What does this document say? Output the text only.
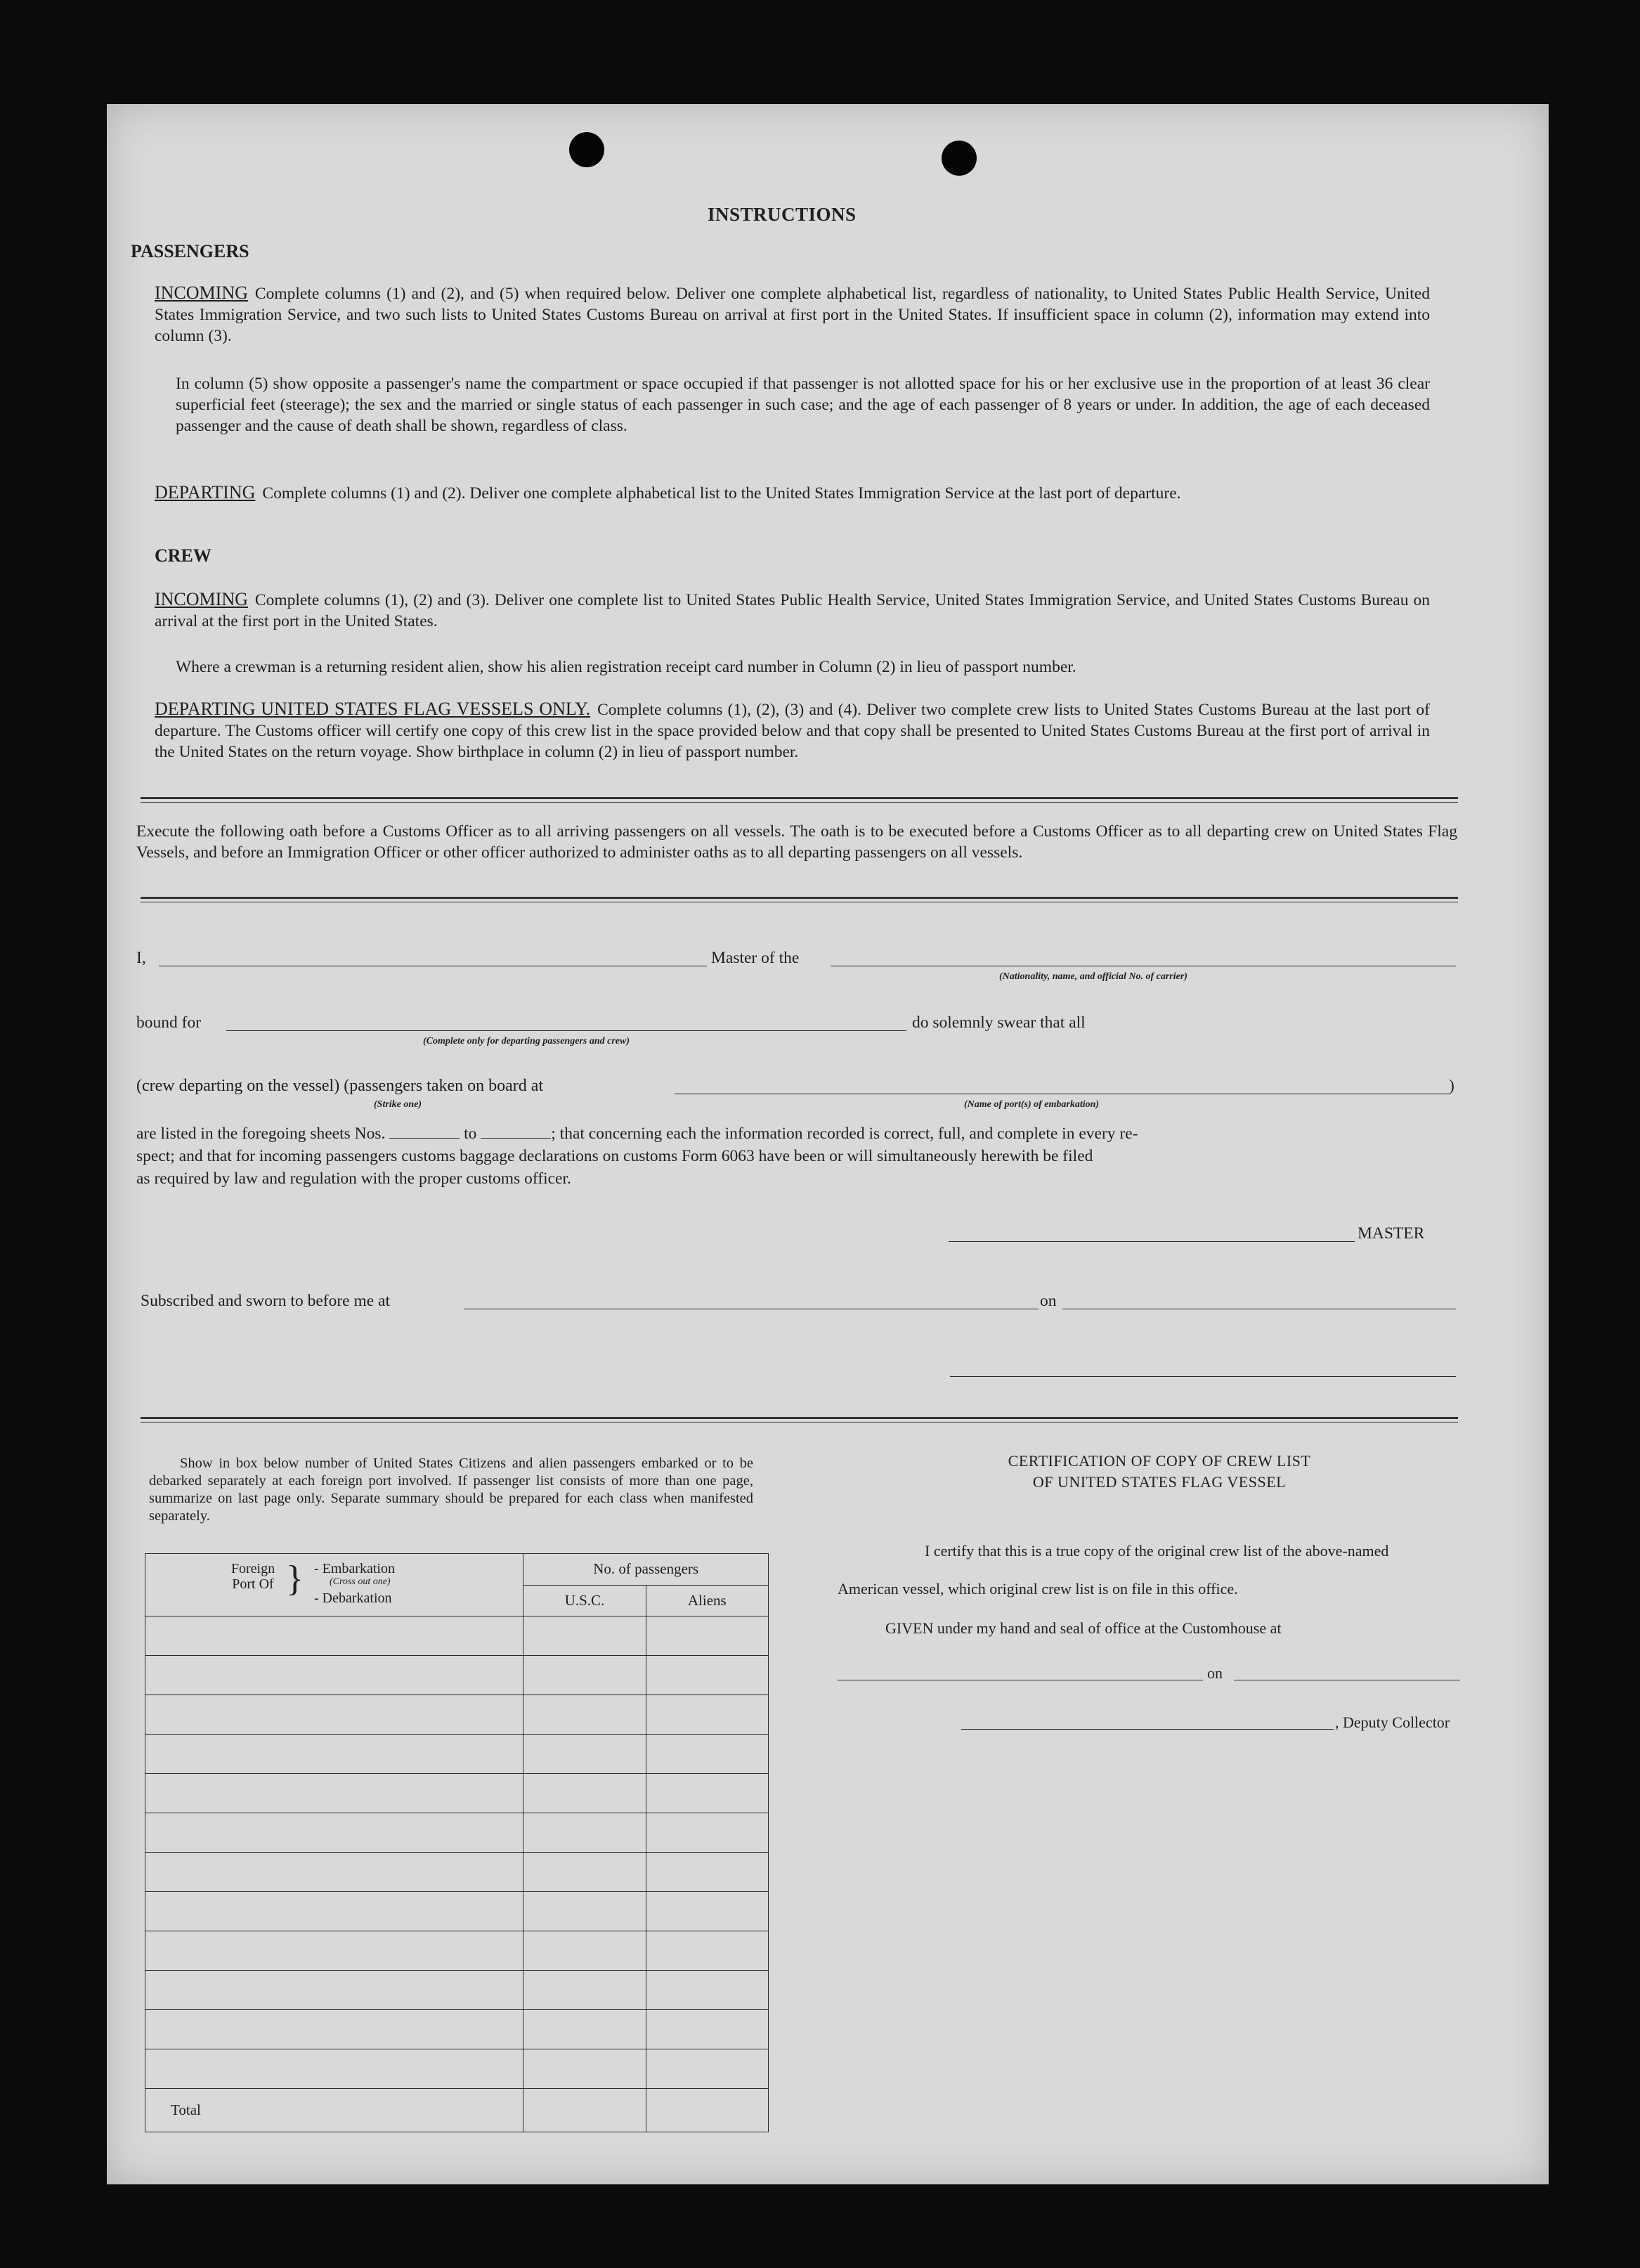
INSTRUCTIONS
PASSENGERS
INCOMING Complete columns (1) and (2), and (5) when required below. Deliver one complete alphabetical list, regardless of nationality, to United States Public Health Service, United States Immigration Service, and two such lists to United States Customs Bureau on arrival at first port in the United States. If insufficient space in column (2), information may extend into column (3).
In column (5) show opposite a passenger's name the compartment or space occupied if that passenger is not allotted space for his or her exclusive use in the proportion of at least 36 clear superficial feet (steerage); the sex and the married or single status of each passenger in such case; and the age of each passenger of 8 years or under. In addition, the age of each deceased passenger and the cause of death shall be shown, regardless of class.
DEPARTING Complete columns (1) and (2). Deliver one complete alphabetical list to the United States Immigration Service at the last port of departure.
CREW
INCOMING Complete columns (1), (2) and (3). Deliver one complete list to United States Public Health Service, United States Immigration Service, and United States Customs Bureau on arrival at the first port in the United States.
Where a crewman is a returning resident alien, show his alien registration receipt card number in Column (2) in lieu of passport number.
DEPARTING UNITED STATES FLAG VESSELS ONLY. Complete columns (1), (2), (3) and (4). Deliver two complete crew lists to United States Customs Bureau at the last port of departure. The Customs officer will certify one copy of this crew list in the space provided below and that copy shall be presented to United States Customs Bureau at the first port of arrival in the United States on the return voyage. Show birthplace in column (2) in lieu of passport number.
Execute the following oath before a Customs Officer as to all arriving passengers on all vessels. The oath is to be executed before a Customs Officer as to all departing crew on United States Flag Vessels, and before an Immigration Officer or other officer authorized to administer oaths as to all departing passengers on all vessels.
I,	Master of the
(Nationality, name, and official No. of carrier)
bound for
(Complete only for departing passengers and crew)
do solemnly swear that all
(crew departing on the vessel) (passengers taken on board at	)
(Strike one)	(Name of port(s) of embarkation)
are listed in the foregoing sheets Nos.	to	; that concerning each the information recorded is correct, full, and complete in every re-
spect; and that for incoming passengers customs baggage declarations on customs Form 6063 have been or will simultaneously herewith be filed
as required by law and regulation with the proper customs officer.
MASTER
Subscribed and sworn to before me at	on
Show in box below number of United States Citizens and alien passengers embarked or to be debarked separately at each foreign port involved. If passenger list consists of more than one page, summarize on last page only. Separate summary should be prepared for each class when manifested separately.
Foreign Port Of } - Embarkation
(Cross out one)
- Debarkation	No. of passengers	
	U.S.C.	Aliens

Total		
CERTIFICATION OF COPY OF CREW LIST
OF UNITED STATES FLAG VESSEL
I certify that this is a true copy of the original crew list of the above-named
American vessel, which original crew list is on file in this office.
GIVEN under my hand and seal of office at the Customhouse at
on
, Deputy Collector
